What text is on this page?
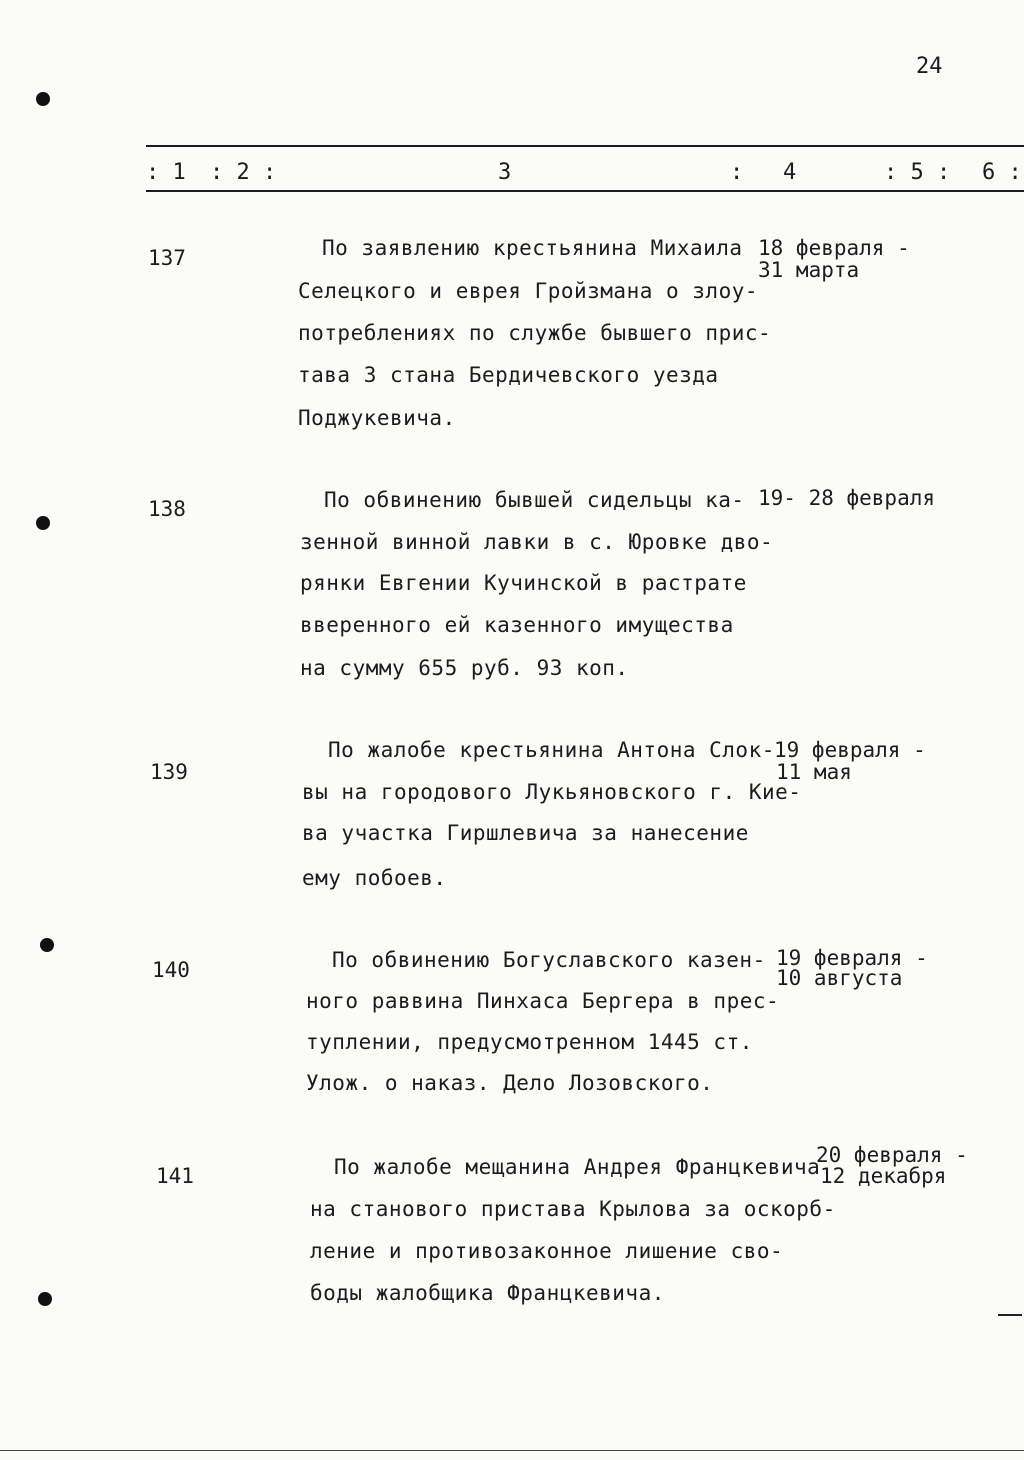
24
: 1 : 2 :	3	:   4	: 5 : 6 :
137	По заявлению крестьянина Михаила
Селецкого и еврея Гройзмана о злоу-
потреблениях по службе бывшего прис-
тава 3 стана Бердичевского уезда
Поджукевича.
18 февраля -
31 марта
138	По обвинению бывшей сидельцы ка-
зенной винной лавки в с. Юровке дво-
рянки Евгении Кучинской в растрате
вверенного ей казенного имущества
на сумму 655 руб. 93 коп.
19- 28 февраля
139
По жалобе крестьянина Антона Слок-
вы на городового Лукьяновского г. Кие-
ва участка Гиршлевича за нанесение
ему побоев.
19 февраля -
11 мая
140	По обвинению Богуславского казен-
ного раввина Пинхаса Бергера в прес-
туплении, предусмотренном 1445 ст.
Улож. о наказ. Дело Лозовского.
19 февраля -
10 августа
141	По жалобе мещанина Андрея Францкевича
на станового пристава Крылова за оскорб-
ление и противозаконное лишение сво-
боды жалобщика Францкевича.
20 февраля -
12 декабря
